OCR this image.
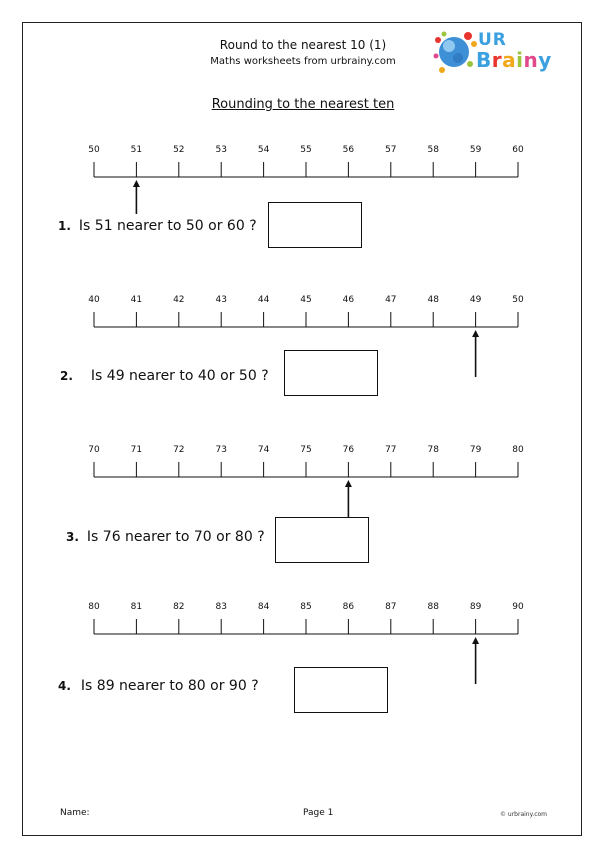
Round to the nearest 10 (1)
Maths worksheets from urbrainy.com
UR
Brainy
Rounding to the nearest ten
50	51	52	53	54	55	56	57	58	59	60
1. Is 51 nearer to 50 or 60 ?
40	41	42	43	44	45	46	47	48	49	50
2. Is 49 nearer to 40 or 50 ?
70	71	72	73	74	75	76	77	78	79	80
3. Is 76 nearer to 70 or 80 ?
80	81	82	83	84	85	86	87	88	89	90
4. Is 89 nearer to 80 or 90 ?
Name:	Page 1	© urbrainy.com
